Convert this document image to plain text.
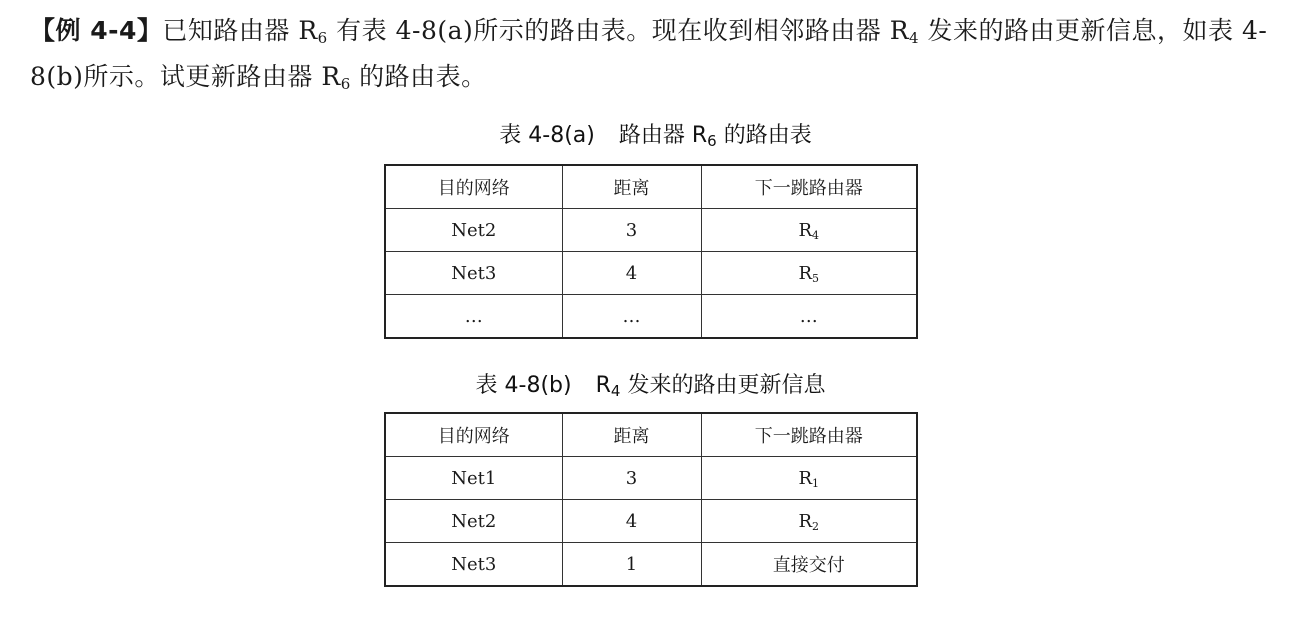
【例 4-4】已知路由器 $R_6$ 有表 4-8(a)所示的路由表。现在收到相邻路由器 $R_4$ 发来的路由更新信息，如表 4-8(b)所示。试更新路由器 $R_6$ 的路由表。
表 4-8(a) 路由器 $R_6$ 的路由表
目的网络	距离	下一跳路由器
Net2	3	$R_4$
Net3	4	$R_5$
…	…	…
表 4-8(b) $R_4$ 发来的路由更新信息
目的网络	距离	下一跳路由器
Net1	3	$R_1$
Net2	4	$R_2$
Net3	1	直接交付
